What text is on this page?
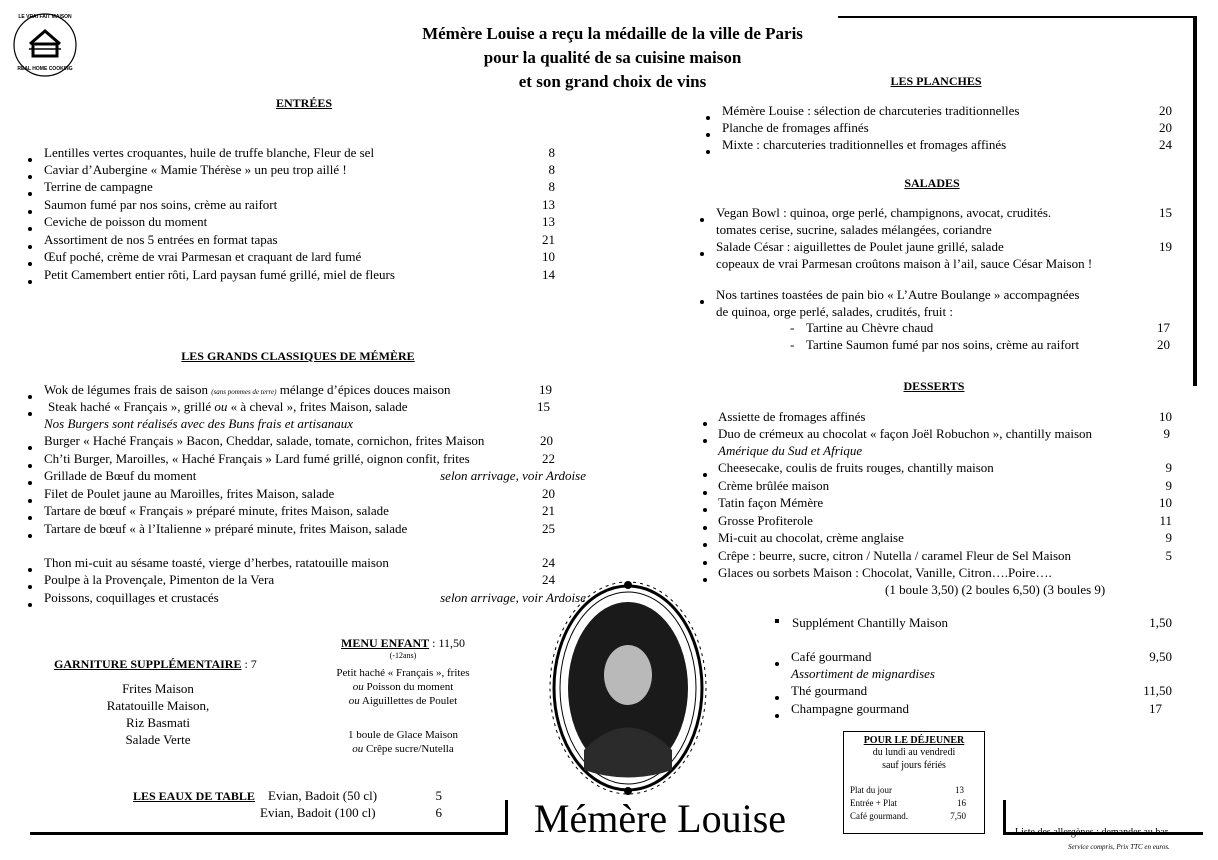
LE VRAI FAIT MAISON
REAL HOME COOKING
Mémère Louise a reçu la médaille de la ville de Paris
pour la qualité de sa cuisine maison
et son grand choix de vins
ENTRÉES
Lentilles vertes croquantes, huile de truffe blanche, Fleur de sel	8
Caviar d’Aubergine « Mamie Thérèse » un peu trop aillé !	8
Terrine de campagne	8
Saumon fumé par nos soins, crème au raifort	13
Ceviche de poisson du moment	13
Assortiment de nos 5 entrées en format tapas	21
Œuf poché, crème de vrai Parmesan et craquant de lard fumé	10
Petit Camembert entier rôti, Lard paysan fumé grillé, miel de fleurs	14
LES GRANDS CLASSIQUES DE MÉMÈRE
Wok de légumes frais de saison (sans pommes de terre) mélange d’épices douces maison	19
Steak haché « Français », grillé ou « à cheval », frites Maison, salade	15
Nos Burgers sont réalisés avec des Buns frais et artisanaux
Burger « Haché Français » Bacon, Cheddar, salade, tomate, cornichon, frites Maison	20
Ch’ti Burger, Maroilles, « Haché Français » Lard fumé grillé, oignon confit, frites	22
Grillade de Bœuf du moment	selon arrivage, voir Ardoise
Filet de Poulet jaune au Maroilles, frites Maison, salade	20
Tartare de bœuf « Français » préparé minute, frites Maison, salade	21
Tartare de bœuf « à l’Italienne » préparé minute, frites Maison, salade	25
Thon mi-cuit au sésame toasté, vierge d’herbes, ratatouille maison	24
Poulpe à la Provençale, Pimenton de la Vera	24
Poissons, coquillages et crustacés	selon arrivage, voir Ardoise
GARNITURE SUPPLÉMENTAIRE : 7
Frites Maison
Ratatouille Maison,
Riz Basmati
Salade Verte
MENU ENFANT : 11,50
(-12ans)
Petit haché « Français », frites
ou Poisson du moment
ou Aiguillettes de Poulet
1 boule de Glace Maison
ou Crêpe sucre/Nutella
LES EAUX DE TABLE Evian, Badoit (50 cl)	5
Evian, Badoit (100 cl)	6	Mémère Louise
LES PLANCHES
Mémère Louise : sélection de charcuteries traditionnelles	20
Planche de fromages affinés	20
Mixte : charcuteries traditionnelles et fromages affinés	24
SALADES
Vegan Bowl : quinoa, orge perlé, champignons, avocat, crudités.	15
tomates cerise, sucrine, salades mélangées, coriandre
Salade César : aiguillettes de Poulet jaune grillé, salade	19
copeaux de vrai Parmesan croûtons maison à l’ail, sauce César Maison !
Nos tartines toastées de pain bio « L’Autre Boulange » accompagnées
de quinoa, orge perlé, salades, crudités, fruit :
- Tartine au Chèvre chaud	17
- Tartine Saumon fumé par nos soins, crème au raifort	20
DESSERTS
Assiette de fromages affinés	10
Duo de crémeux au chocolat « façon Joël Robuchon », chantilly maison	9
Amérique du Sud et Afrique
Cheesecake, coulis de fruits rouges, chantilly maison	9
Crème brûlée maison	9
Tatin façon Mémère	10
Grosse Profiterole	11
Mi-cuit au chocolat, crème anglaise	9
Crêpe : beurre, sucre, citron / Nutella / caramel Fleur de Sel Maison	5
Glaces ou sorbets Maison : Chocolat, Vanille, Citron….Poire….
(1 boule 3,50) (2 boules 6,50) (3 boules 9)
Supplément Chantilly Maison	1,50
Café gourmand	9,50
Assortiment de mignardises
Thé gourmand	11,50
Champagne gourmand	17
POUR LE DÉJEUNER
du lundi au vendredi
sauf jours fériés
Plat du jour	13
Entrée + Plat	16
Café gourmand.	7,50
Liste des allergènes : demander au bar
Service compris, Prix TTC en euros.
